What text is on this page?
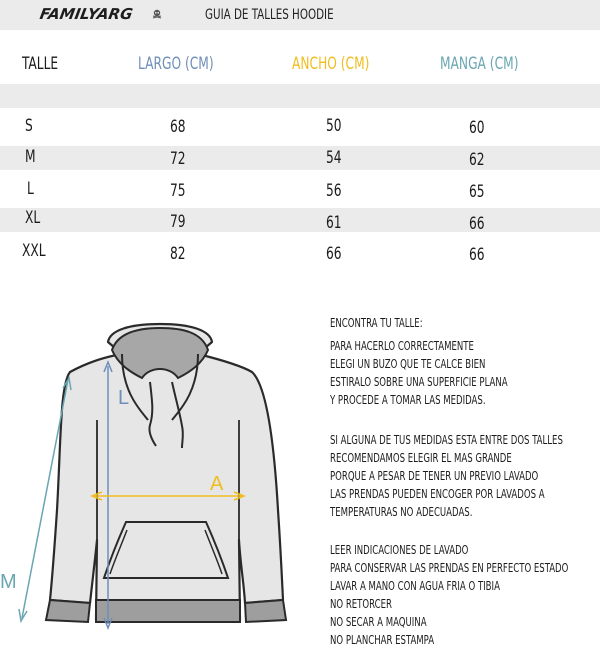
FAMILYARG	GUIA DE TALLES HOODIE
TALLE	LARGO (CM)	ANCHO (CM)	MANGA (CM)
S	68	50	60
M	72	54	62
L	75	56	65
XL	79	61	66
XXL	82	66	66
L
A
M
ENCONTRA TU TALLE:
PARA HACERLO CORRECTAMENTE
ELEGI UN BUZO QUE TE CALCE BIEN
ESTIRALO SOBRE UNA SUPERFICIE PLANA
Y PROCEDE A TOMAR LAS MEDIDAS.
SI ALGUNA DE TUS MEDIDAS ESTA ENTRE DOS TALLES
RECOMENDAMOS ELEGIR EL MAS GRANDE
PORQUE A PESAR DE TENER UN PREVIO LAVADO
LAS PRENDAS PUEDEN ENCOGER POR LAVADOS A
TEMPERATURAS NO ADECUADAS.
LEER INDICACIONES DE LAVADO
PARA CONSERVAR LAS PRENDAS EN PERFECTO ESTADO
LAVAR A MANO CON AGUA FRIA O TIBIA
NO RETORCER
NO SECAR A MAQUINA
NO PLANCHAR ESTAMPA
